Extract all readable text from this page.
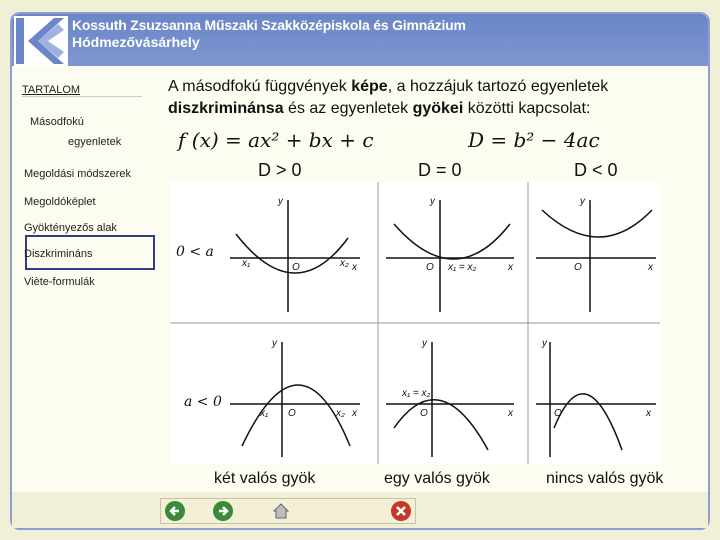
Kossuth Zsuzsanna Műszaki Szakközépiskola és Gimnázium
Hódmezővásárhely
TARTALOM
Másodfokú
egyenletek
Megoldási módszerek
Megoldóképlet
Gyöktényezős alak
Diszkrimináns
Viète-formulák
A másodfokú függvények képe, a hozzájuk tartozó egyenletek diszkriminánsa és az egyenletek gyökei közötti kapcsolat:
f (x) = ax² + bx + c	D = b² − 4ac
D > 0	D = 0	D < 0
y
x
O
x₁	x₂
y
x
O x₁ = x₂
y
x
O
y
x
O
x₁	x₂
y
x
O
x₁ = x₂
y
x
O
0 < a
a < 0
két valós gyök	egy valós gyök	nincs valós gyök
